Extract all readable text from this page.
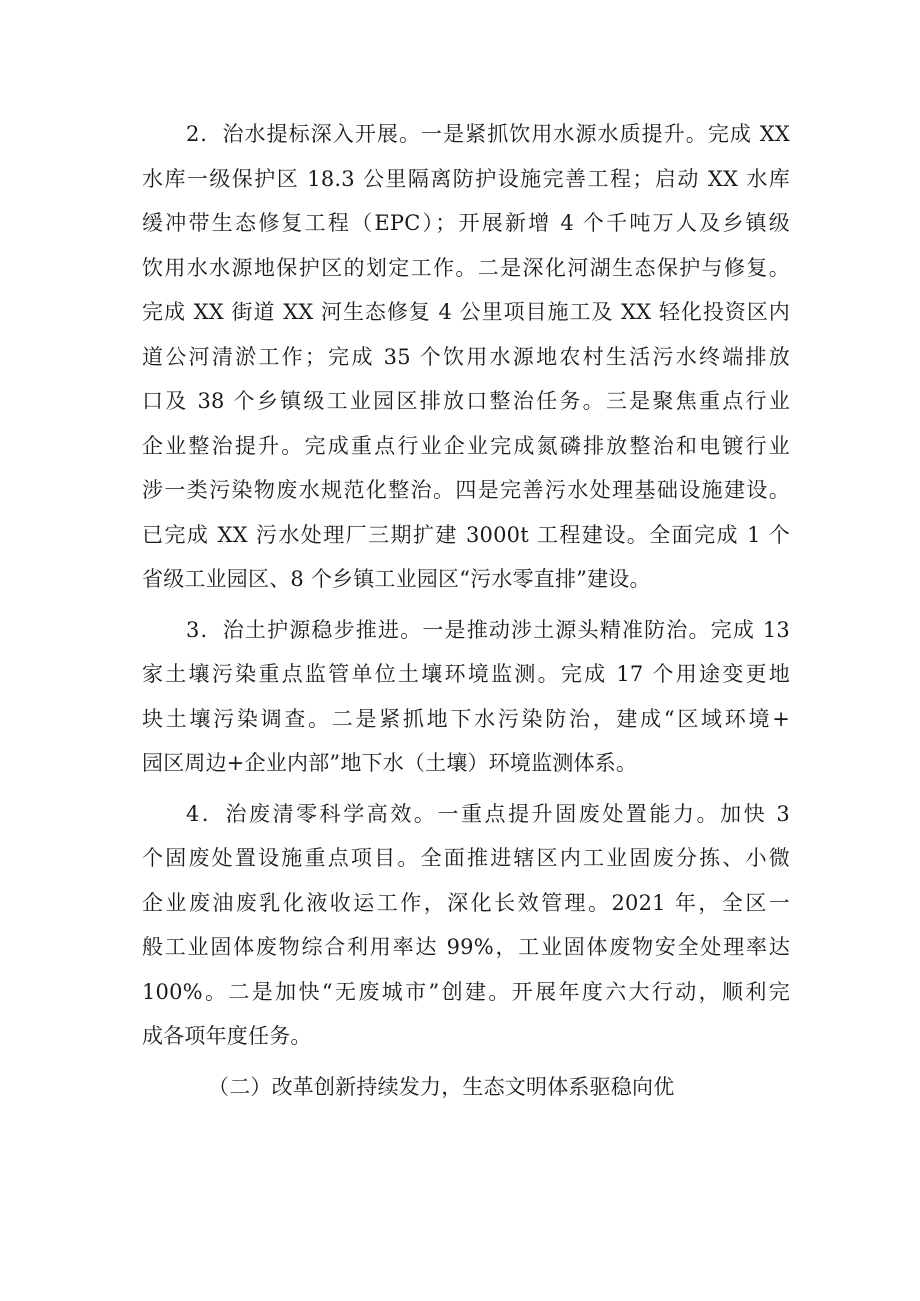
2．治水提标深入开展。一是紧抓饮用水源水质提升。完成 XX
水库一级保护区 18.3 公里隔离防护设施完善工程；启动 XX 水库
缓冲带生态修复工程（EPC）；开展新增 4 个千吨万人及乡镇级
饮用水水源地保护区的划定工作。二是深化河湖生态保护与修复。
完成 XX 街道 XX 河生态修复 4 公里项目施工及 XX 轻化投资区内
道公河清淤工作；完成 35 个饮用水源地农村生活污水终端排放
口及 38 个乡镇级工业园区排放口整治任务。三是聚焦重点行业
企业整治提升。完成重点行业企业完成氮磷排放整治和电镀行业
涉一类污染物废水规范化整治。四是完善污水处理基础设施建设。
已完成 XX 污水处理厂三期扩建 3000t 工程建设。全面完成 1 个
省级工业园区、8 个乡镇工业园区“污水零直排”建设。
3．治土护源稳步推进。一是推动涉土源头精准防治。完成 13
家土壤污染重点监管单位土壤环境监测。完成 17 个用途变更地
块土壤污染调查。二是紧抓地下水污染防治，建成“区域环境+
园区周边+企业内部”地下水（土壤）环境监测体系。
4．治废清零科学高效。一重点提升固废处置能力。加快 3
个固废处置设施重点项目。全面推进辖区内工业固废分拣、小微
企业废油废乳化液收运工作，深化长效管理。2021 年，全区一
般工业固体废物综合利用率达 99%，工业固体废物安全处理率达
100%。二是加快“无废城市”创建。开展年度六大行动，顺利完
成各项年度任务。
（二）改革创新持续发力，生态文明体系驱稳向优
